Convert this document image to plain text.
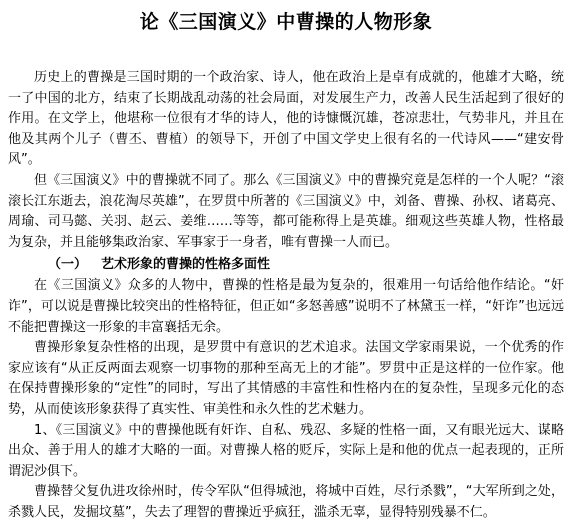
论《三国演义》中曹操的人物形象

历史上的曹操是三国时期的一个政治家、诗人，他在政治上是卓有成就的，他雄才大略，统一了中国的北方，结束了长期战乱动荡的社会局面，对发展生产力，改善人民生活起到了很好的作用。在文学上，他堪称一位很有才华的诗人，他的诗慷慨沉雄，苍凉悲壮，气势非凡，并且在他及其两个儿子（曹丕、曹植）的领导下，开创了中国文学史上很有名的一代诗风——“建安骨风”。

但《三国演义》中的曹操就不同了。那么《三国演义》中的曹操究竟是怎样的一个人呢？“滚滚长江东逝去，浪花淘尽英雄”，在罗贯中所著的《三国演义》中，刘备、曹操、孙权、诸葛亮、周瑜、司马懿、关羽、赵云、姜维……等等，都可能称得上是英雄。细观这些英雄人物，性格最为复杂，并且能够集政治家、军事家于一身者，唯有曹操一人而已。

（一） 艺术形象的曹操的性格多面性

在《三国演义》众多的人物中，曹操的性格是最为复杂的，很难用一句话给他作结论。“奸诈”，可以说是曹操比较突出的性格特征，但正如“多怒善感”说明不了林黛玉一样，“奸诈”也远远不能把曹操这一形象的丰富襄括无余。

曹操形象复杂性格的出现，是罗贯中有意识的艺术追求。法国文学家雨果说，一个优秀的作家应该有“从正反两面去观察一切事物的那种至高无上的才能”。罗贯中正是这样的一位作家。他在保持曹操形象的“定性”的同时，写出了其情感的丰富性和性格内在的复杂性，呈现多元化的态势，从而使该形象获得了真实性、审美性和永久性的艺术魅力。

1、《三国演义》中的曹操他既有奸诈、自私、残忍、多疑的性格一面，又有眼光远大、谋略出众、善于用人的雄才大略的一面。对曹操人格的贬斥，实际上是和他的优点一起表现的，正所谓泥沙俱下。

曹操替父复仇进攻徐州时，传令军队“但得城池，将城中百姓，尽行杀戮”，“大军所到之处，杀戮人民，发掘坟墓”，失去了理智的曹操近乎疯狂，滥杀无辜，显得特别残暴不仁。
